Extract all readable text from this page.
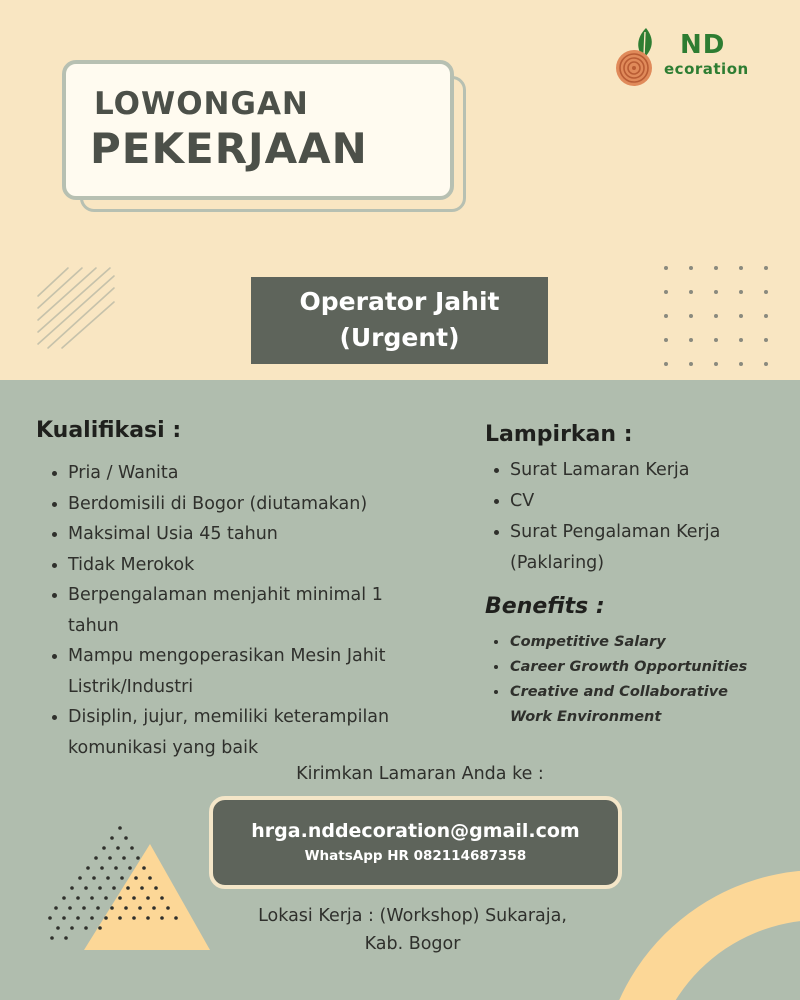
ND
ecoration
LOWONGAN
PEKERJAAN
Operator Jahit
(Urgent)
Kualifikasi :
Pria / Wanita
Berdomisili di Bogor (diutamakan)
Maksimal Usia 45 tahun
Tidak Merokok
Berpengalaman menjahit minimal 1 tahun
Mampu mengoperasikan Mesin Jahit Listrik/Industri
Disiplin, jujur, memiliki keterampilan komunikasi yang baik
Lampirkan :
Surat Lamaran Kerja
CV
Surat Pengalaman Kerja (Paklaring)
Benefits :
Competitive Salary
Career Growth Opportunities
Creative and Collaborative Work Environment
Kirimkan Lamaran Anda ke :
hrga.nddecoration@gmail.com
WhatsApp HR 082114687358
Lokasi Kerja : (Workshop) Sukaraja,
Kab. Bogor
